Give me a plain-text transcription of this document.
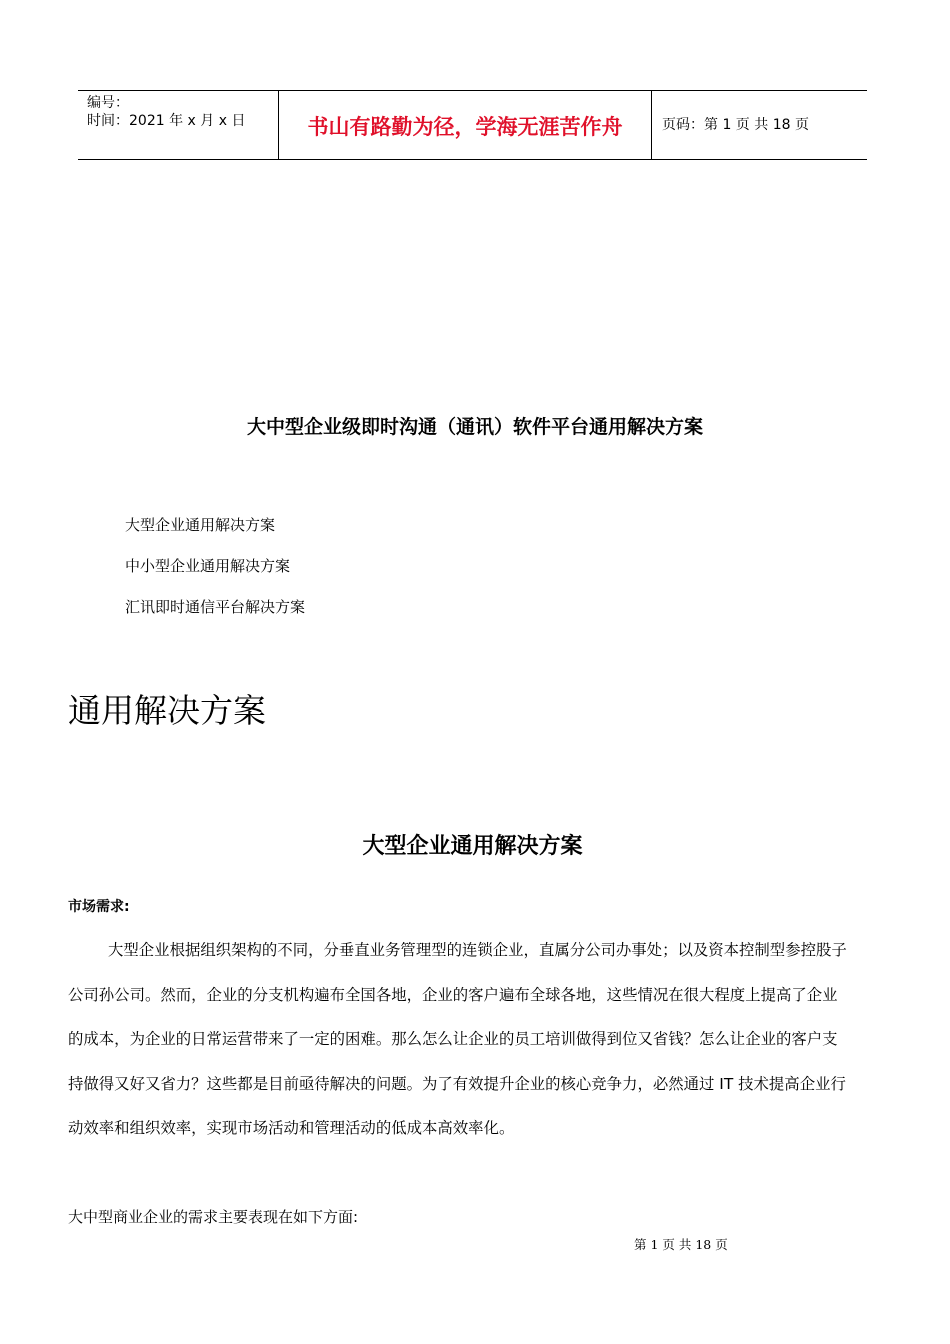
编号：
时间：2021 年 x 月 x 日	书山有路勤为径，学海无涯苦作舟	页码：第 1 页 共 18 页
大中型企业级即时沟通（通讯）软件平台通用解决方案
大型企业通用解决方案
中小型企业通用解决方案
汇讯即时通信平台解决方案
通用解决方案
大型企业通用解决方案
市场需求:
大型企业根据组织架构的不同，分垂直业务管理型的连锁企业，直属分公司办事处；以及资本控制型参控股子
公司孙公司。然而，企业的分支机构遍布全国各地，企业的客户遍布全球各地，这些情况在很大程度上提高了企业
的成本，为企业的日常运营带来了一定的困难。那么怎么让企业的员工培训做得到位又省钱？怎么让企业的客户支
持做得又好又省力？这些都是目前亟待解决的问题。为了有效提升企业的核心竞争力，必然通过 IT 技术提高企业行
动效率和组织效率，实现市场活动和管理活动的低成本高效率化。
大中型商业企业的需求主要表现在如下方面:
第 1 页 共 18 页
